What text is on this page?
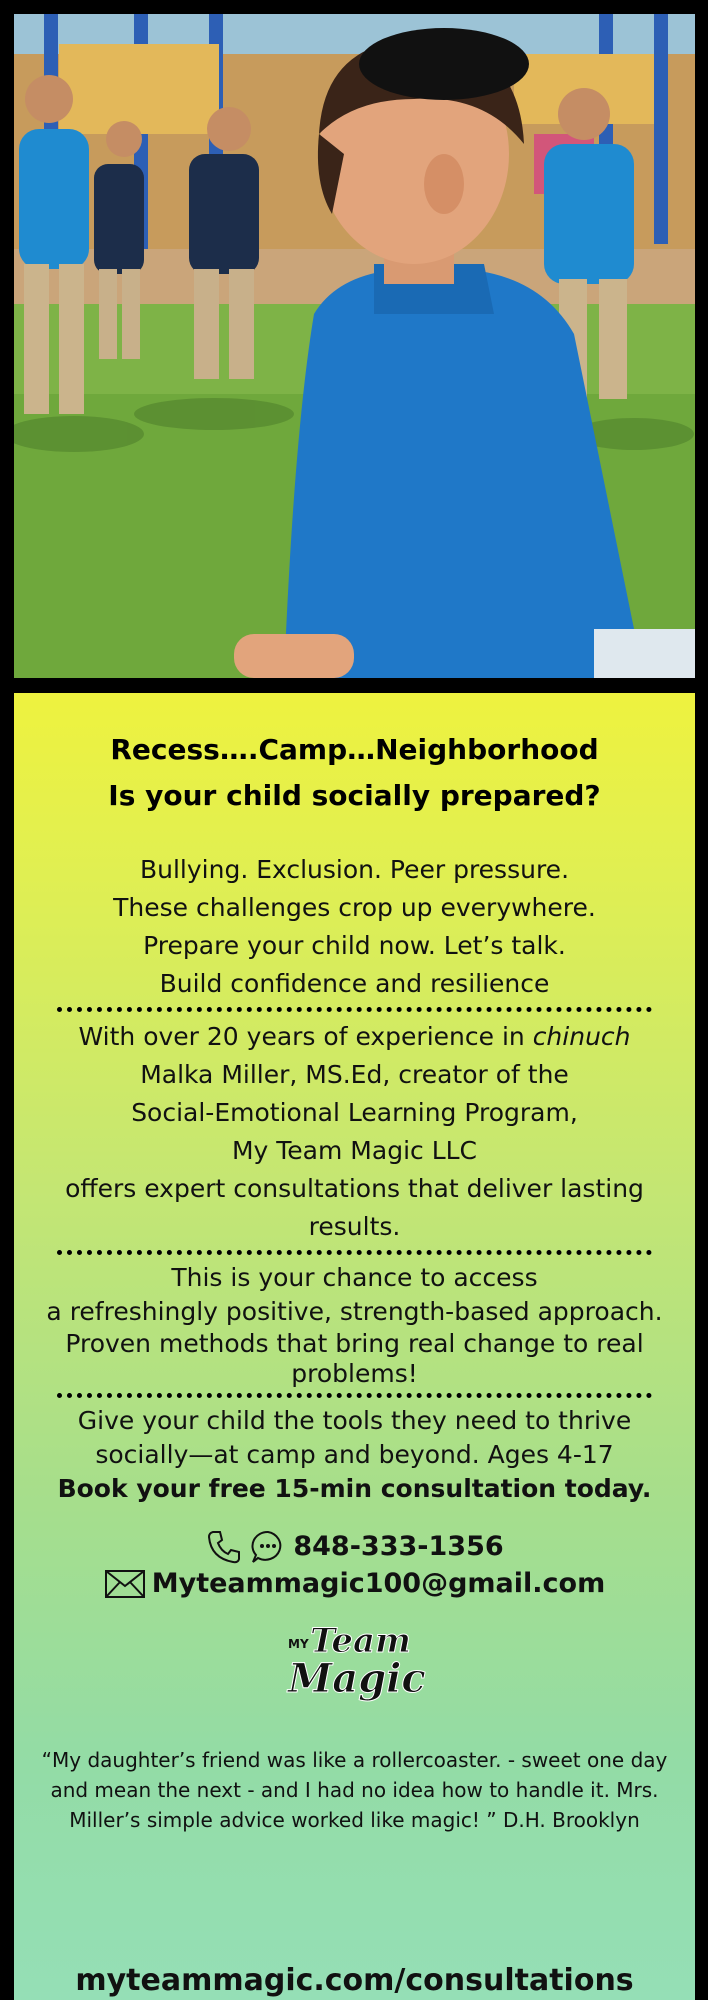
Recess….Camp…Neighborhood
Is your child socially prepared?
Bullying. Exclusion. Peer pressure.
These challenges crop up everywhere.
Prepare your child now. Let’s talk.
Build confidence and resilience
With over 20 years of experience in chinuch
Malka Miller, MS.Ed, creator of the
Social-Emotional Learning Program,
My Team Magic LLC
offers expert consultations that deliver lasting
results.
This is your chance to access
a refreshingly positive, strength-based approach.
Proven methods that bring real change to real
problems!
Give your child the tools they need to thrive
socially—at camp and beyond. Ages 4-17
Book your free 15-min consultation today.
848-333-1356
Myteammagic100@gmail.com
MY Team
Magic
“My daughter’s friend was like a rollercoaster. - sweet one day and mean the next - and I had no idea how to handle it. Mrs. Miller’s simple advice worked like magic! ” D.H. Brooklyn
myteammagic.com/consultations
